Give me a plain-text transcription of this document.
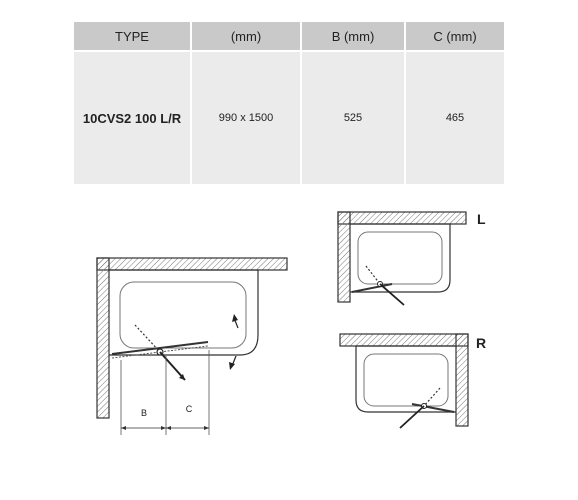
TYPE	(mm)	B (mm)	C (mm)
10CVS2 100 L/R	990 x 1500	525	465
B	C
L
R
